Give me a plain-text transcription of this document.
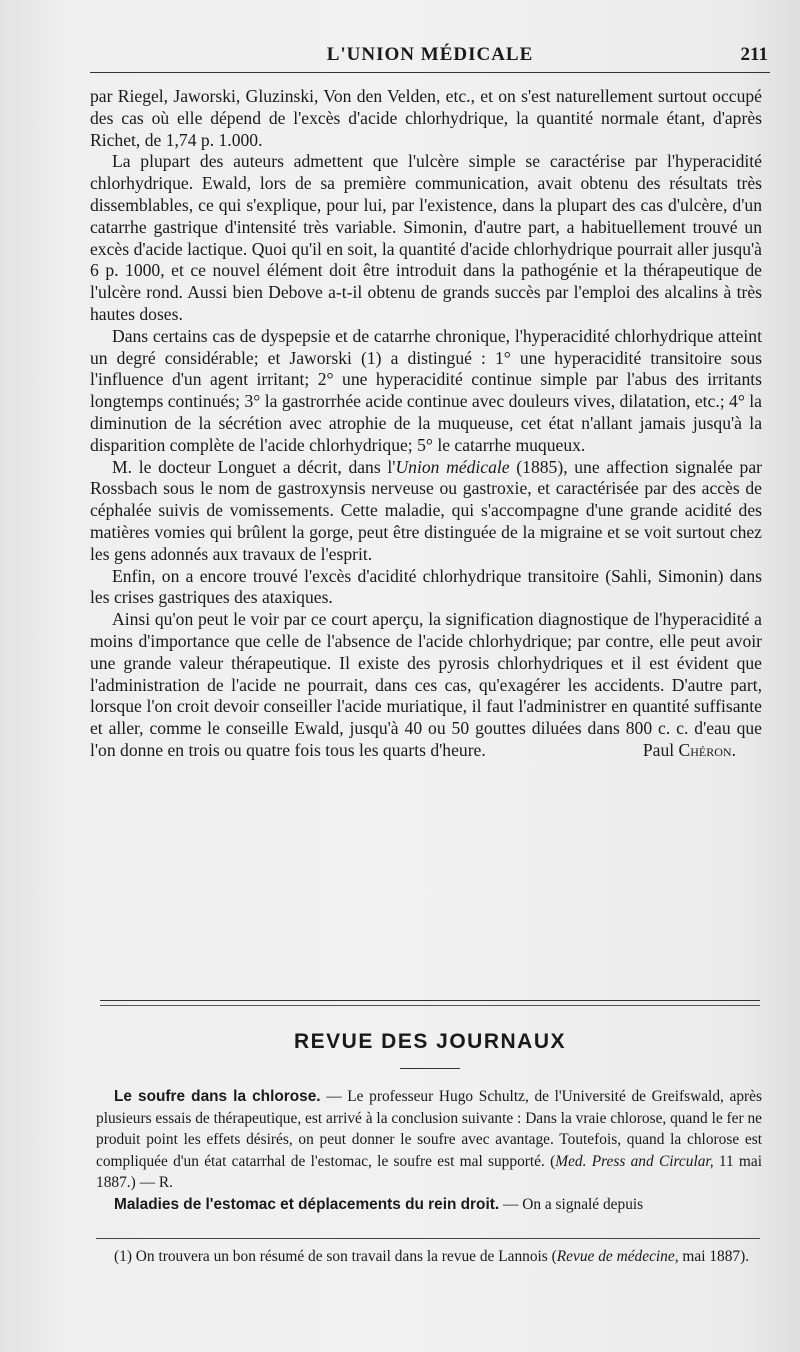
L'UNION MÉDICALE	211

par Riegel, Jaworski, Gluzinski, Von den Velden, etc., et on s'est naturellement surtout occupé des cas où elle dépend de l'excès d'acide chlorhydrique, la quantité normale étant, d'après Richet, de 1,74 p. 1.000.

La plupart des auteurs admettent que l'ulcère simple se caractérise par l'hyperacidité chlorhydrique. Ewald, lors de sa première communication, avait obtenu des résultats très dissemblables, ce qui s'explique, pour lui, par l'existence, dans la plupart des cas d'ulcère, d'un catarrhe gastrique d'intensité très variable. Simonin, d'autre part, a habituellement trouvé un excès d'acide lactique. Quoi qu'il en soit, la quantité d'acide chlorhydrique pourrait aller jusqu'à 6 p. 1000, et ce nouvel élément doit être introduit dans la pathogénie et la thérapeutique de l'ulcère rond. Aussi bien Debove a-t-il obtenu de grands succès par l'emploi des alcalins à très hautes doses.

Dans certains cas de dyspepsie et de catarrhe chronique, l'hyperacidité chlorhydrique atteint un degré considérable; et Jaworski (1) a distingué : 1° une hyperacidité transitoire sous l'influence d'un agent irritant; 2° une hyperacidité continue simple par l'abus des irritants longtemps continués; 3° la gastrorrhée acide continue avec douleurs vives, dilatation, etc.; 4° la diminution de la sécrétion avec atrophie de la muqueuse, cet état n'allant jamais jusqu'à la disparition complète de l'acide chlorhydrique; 5° le catarrhe muqueux.

M. le docteur Longuet a décrit, dans l'Union médicale (1885), une affection signalée par Rossbach sous le nom de gastroxynsis nerveuse ou gastroxie, et caractérisée par des accès de céphalée suivis de vomissements. Cette maladie, qui s'accompagne d'une grande acidité des matières vomies qui brûlent la gorge, peut être distinguée de la migraine et se voit surtout chez les gens adonnés aux travaux de l'esprit.

Enfin, on a encore trouvé l'excès d'acidité chlorhydrique transitoire (Sahli, Simonin) dans les crises gastriques des ataxiques.

Ainsi qu'on peut le voir par ce court aperçu, la signification diagnostique de l'hyperacidité a moins d'importance que celle de l'absence de l'acide chlorhydrique; par contre, elle peut avoir une grande valeur thérapeutique. Il existe des pyrosis chlorhydriques et il est évident que l'administration de l'acide ne pourrait, dans ces cas, qu'exagérer les accidents. D'autre part, lorsque l'on croit devoir conseiller l'acide muriatique, il faut l'administrer en quantité suffisante et aller, comme le conseille Ewald, jusqu'à 40 ou 50 gouttes diluées dans 800 c. c. d'eau que l'on donne en trois ou quatre fois tous les quarts d'heure.	Paul Chéron.

REVUE DES JOURNAUX

Le soufre dans la chlorose. — Le professeur Hugo Schultz, de l'Université de Greifswald, après plusieurs essais de thérapeutique, est arrivé à la conclusion suivante : Dans la vraie chlorose, quand le fer ne produit point les effets désirés, on peut donner le soufre avec avantage. Toutefois, quand la chlorose est compliquée d'un état catarrhal de l'estomac, le soufre est mal supporté. (Med. Press and Circular, 11 mai 1887.) — R.

Maladies de l'estomac et déplacements du rein droit. — On a signalé depuis

(1) On trouvera un bon résumé de son travail dans la revue de Lannois (Revue de médecine, mai 1887).
